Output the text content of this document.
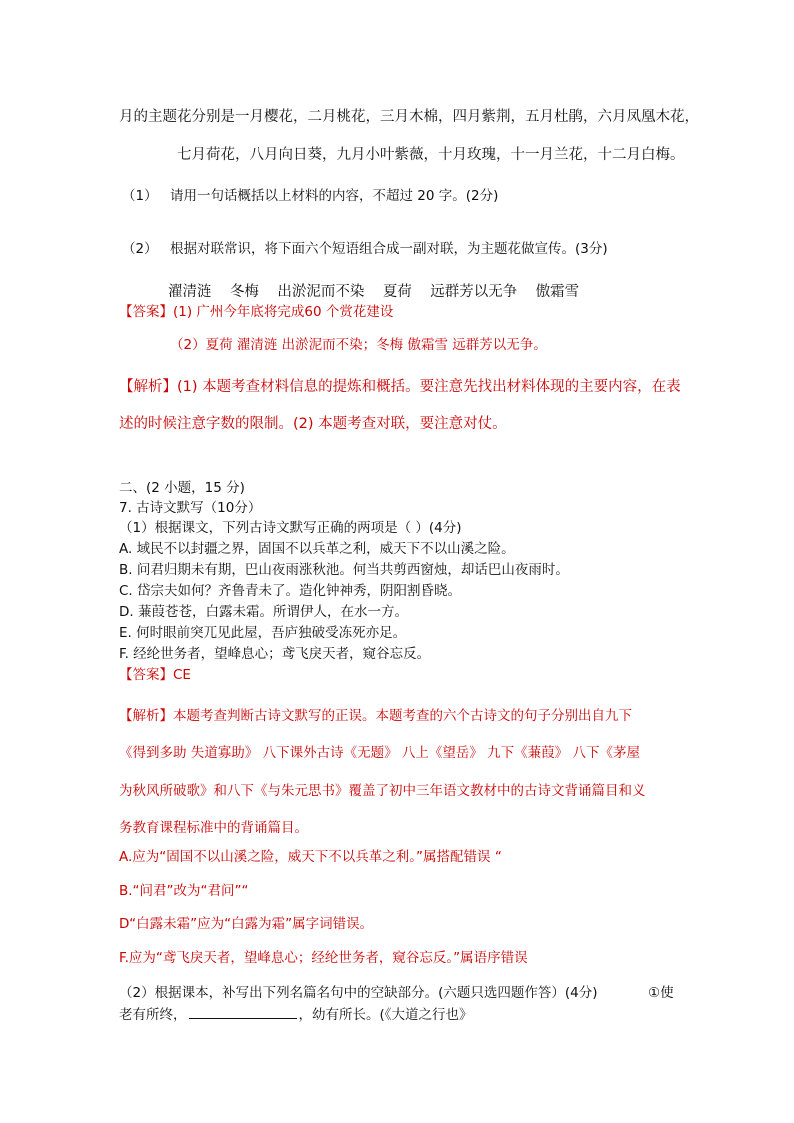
月的主题花分别是一月樱花，二月桃花，三月木棉，四月紫荆，五月杜鹃，六月凤凰木花，
七月荷花，八月向日葵，九月小叶紫薇，十月玫瑰，十一月兰花，十二月白梅。
（1） 请用一句话概括以上材料的内容，不超过 20 字。(2分)
（2） 根据对联常识，将下面六个短语组合成一副对联，为主题花做宣传。(3分)
濯清涟 冬梅 出淤泥而不染 夏荷 远群芳以无争 傲霜雪
【答案】(1) 广州今年底将完成60 个赏花建设
（2）夏荷 濯清涟 出淤泥而不染；冬梅 傲霜雪 远群芳以无争。
【解析】(1) 本题考查材料信息的提炼和概括。要注意先找出材料体现的主要内容，在表
述的时候注意字数的限制。(2) 本题考查对联，要注意对仗。
二、(2 小题，15 分)
7. 古诗文默写（10分）
（1）根据课文，下列古诗文默写正确的两项是（ ）(4分)
A. 域民不以封疆之界，固国不以兵革之利，威天下不以山溪之险。
B. 问君归期未有期，巴山夜雨涨秋池。何当共剪西窗烛，却话巴山夜雨时。
C. 岱宗夫如何？齐鲁青未了。造化钟神秀，阴阳割昏晓。
D. 蒹葭苍苍，白露未霜。所谓伊人，在水一方。
E. 何时眼前突兀见此屋，吾庐独破受冻死亦足。
F. 经纶世务者，望峰息心；鸢飞戾天者，窥谷忘反。
【答案】CE
【解析】本题考查判断古诗文默写的正误。本题考查的六个古诗文的句子分别出自九下
《得到多助 失道寡助》 八下课外古诗《无题》 八上《望岳》 九下《蒹葭》 八下《茅屋
为秋风所破歌》和八下《与朱元思书》覆盖了初中三年语文教材中的古诗文背诵篇目和义
务教育课程标准中的背诵篇目。
A.应为“固国不以山溪之险，威天下不以兵革之利。”属搭配错误 “
B.“问君”改为“君问”“
D“白露未霜”应为“白露为霜”属字词错误。
F.应为“鸢飞戾天者，望峰息心；经纶世务者，窥谷忘反。”属语序错误
（2）根据课本，补写出下列名篇名句中的空缺部分。(六题只选四题作答）(4分)	①使
老有所终，	，幼有所长。(《大道之行也》
